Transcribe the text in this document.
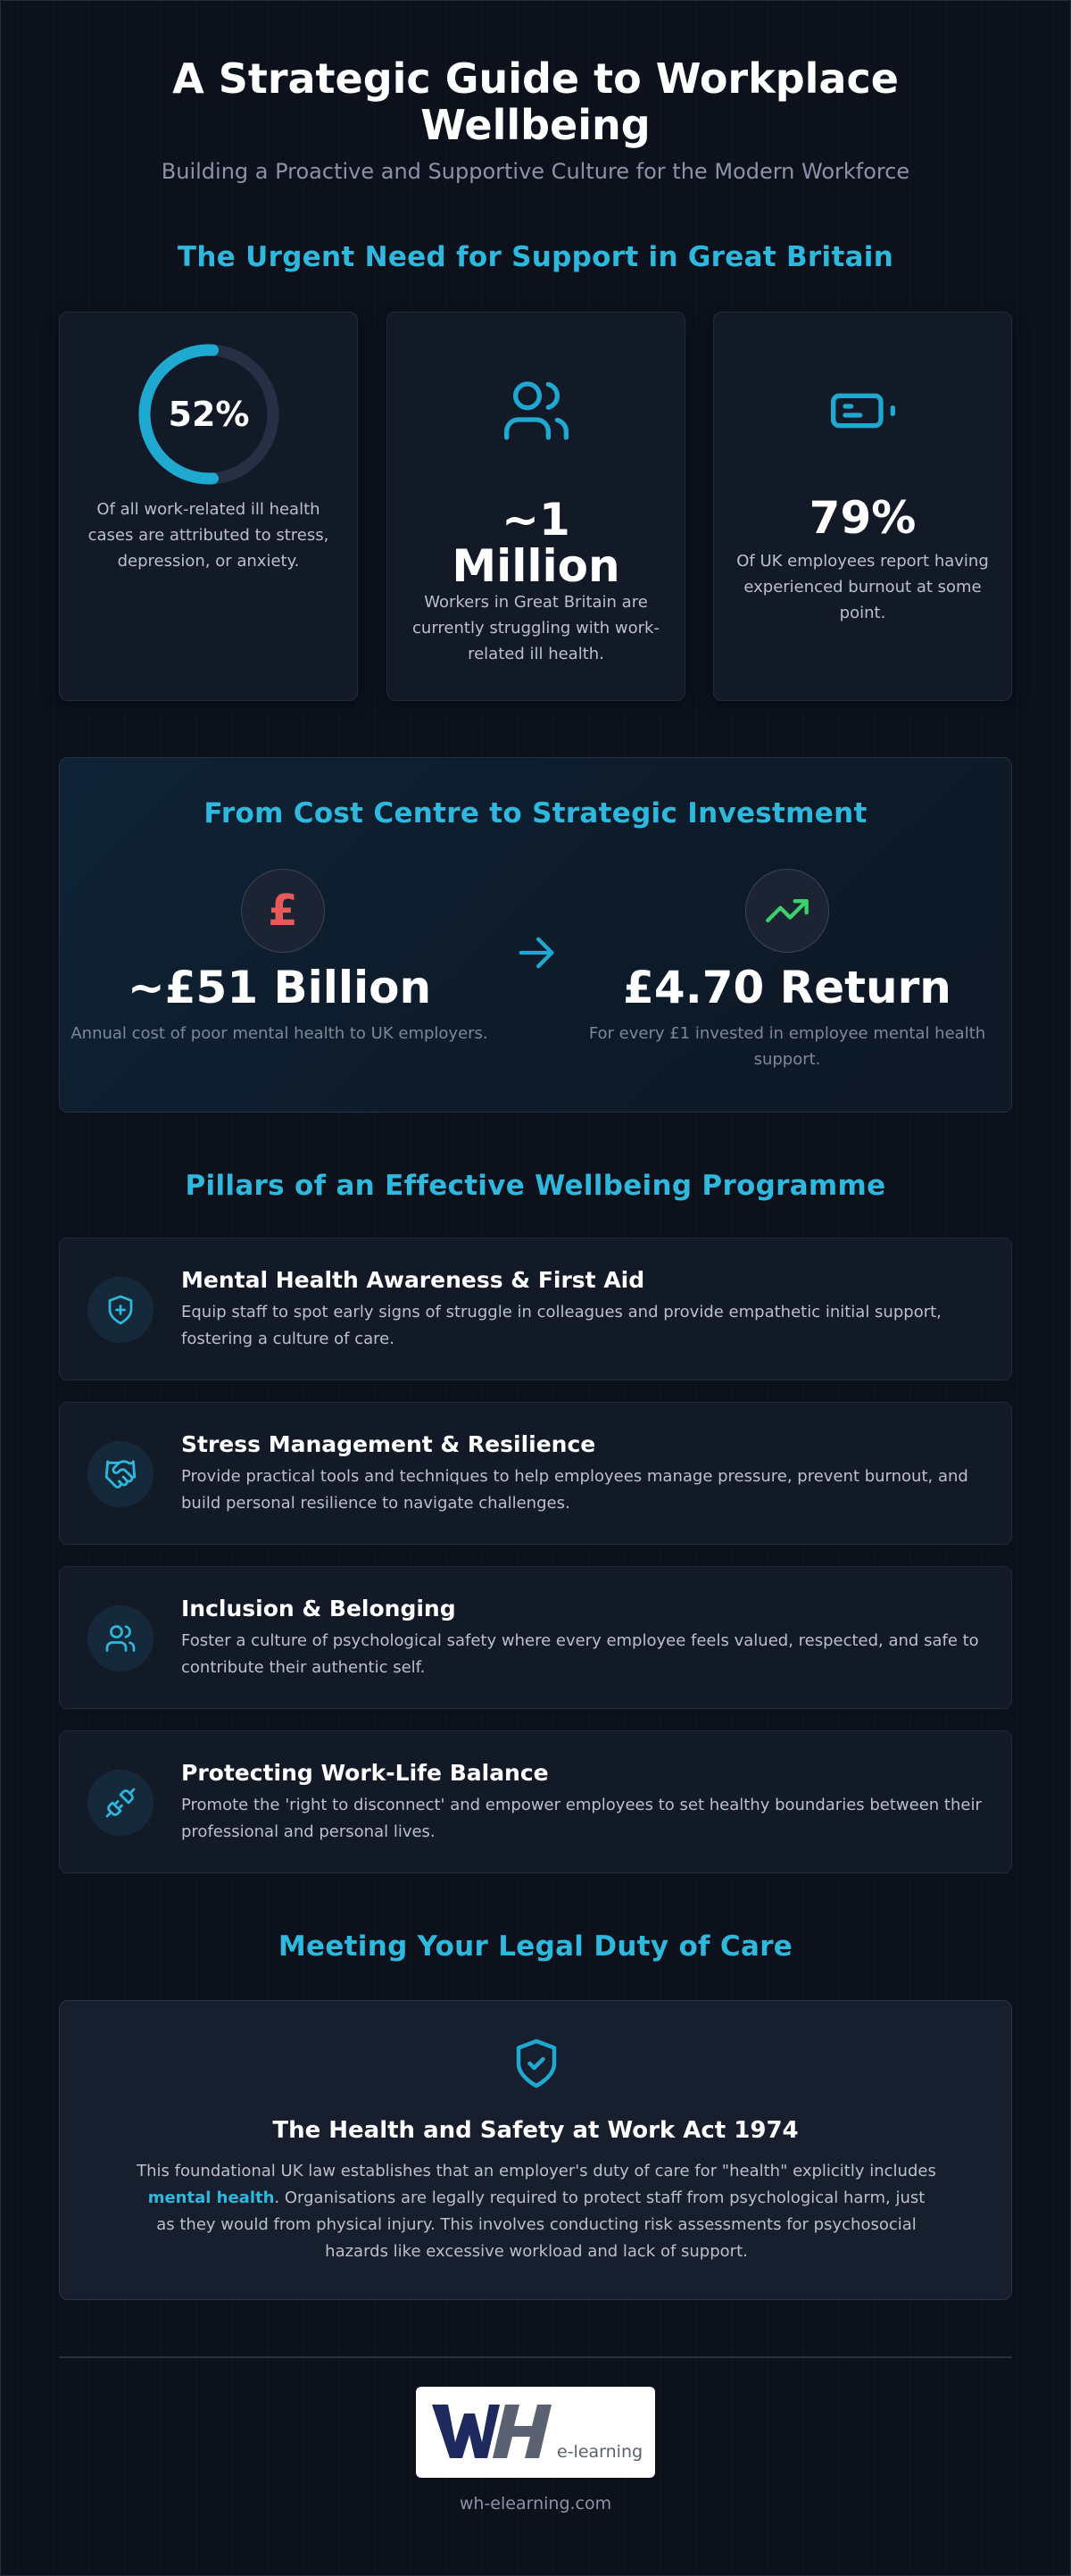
A Strategic Guide to Workplace
Wellbeing
Building a Proactive and Supportive Culture for the Modern Workforce
The Urgent Need for Support in Great Britain
52%
Of all work-related ill health cases are attributed to stress, depression, or anxiety.
~1
Million
Workers in Great Britain are currently struggling with work-related ill health.
79%
Of UK employees report having experienced burnout at some point.
From Cost Centre to Strategic Investment
£
~£51 Billion
Annual cost of poor mental health to UK employers.
£4.70 Return
For every £1 invested in employee mental health support.
Pillars of an Effective Wellbeing Programme
Mental Health Awareness & First Aid
Equip staff to spot early signs of struggle in colleagues and provide empathetic initial support,
fostering a culture of care.
Stress Management & Resilience
Provide practical tools and techniques to help employees manage pressure, prevent burnout, and
build personal resilience to navigate challenges.
Inclusion & Belonging
Foster a culture of psychological safety where every employee feels valued, respected, and safe to
contribute their authentic self.
Protecting Work-Life Balance
Promote the 'right to disconnect' and empower employees to set healthy boundaries between their
professional and personal lives.
Meeting Your Legal Duty of Care
The Health and Safety at Work Act 1974
This foundational UK law establishes that an employer's duty of care for "health" explicitly includes
mental health. Organisations are legally required to protect staff from psychological harm, just
as they would from physical injury. This involves conducting risk assessments for psychosocial
hazards like excessive workload and lack of support.
e-learning
wh-elearning.com
